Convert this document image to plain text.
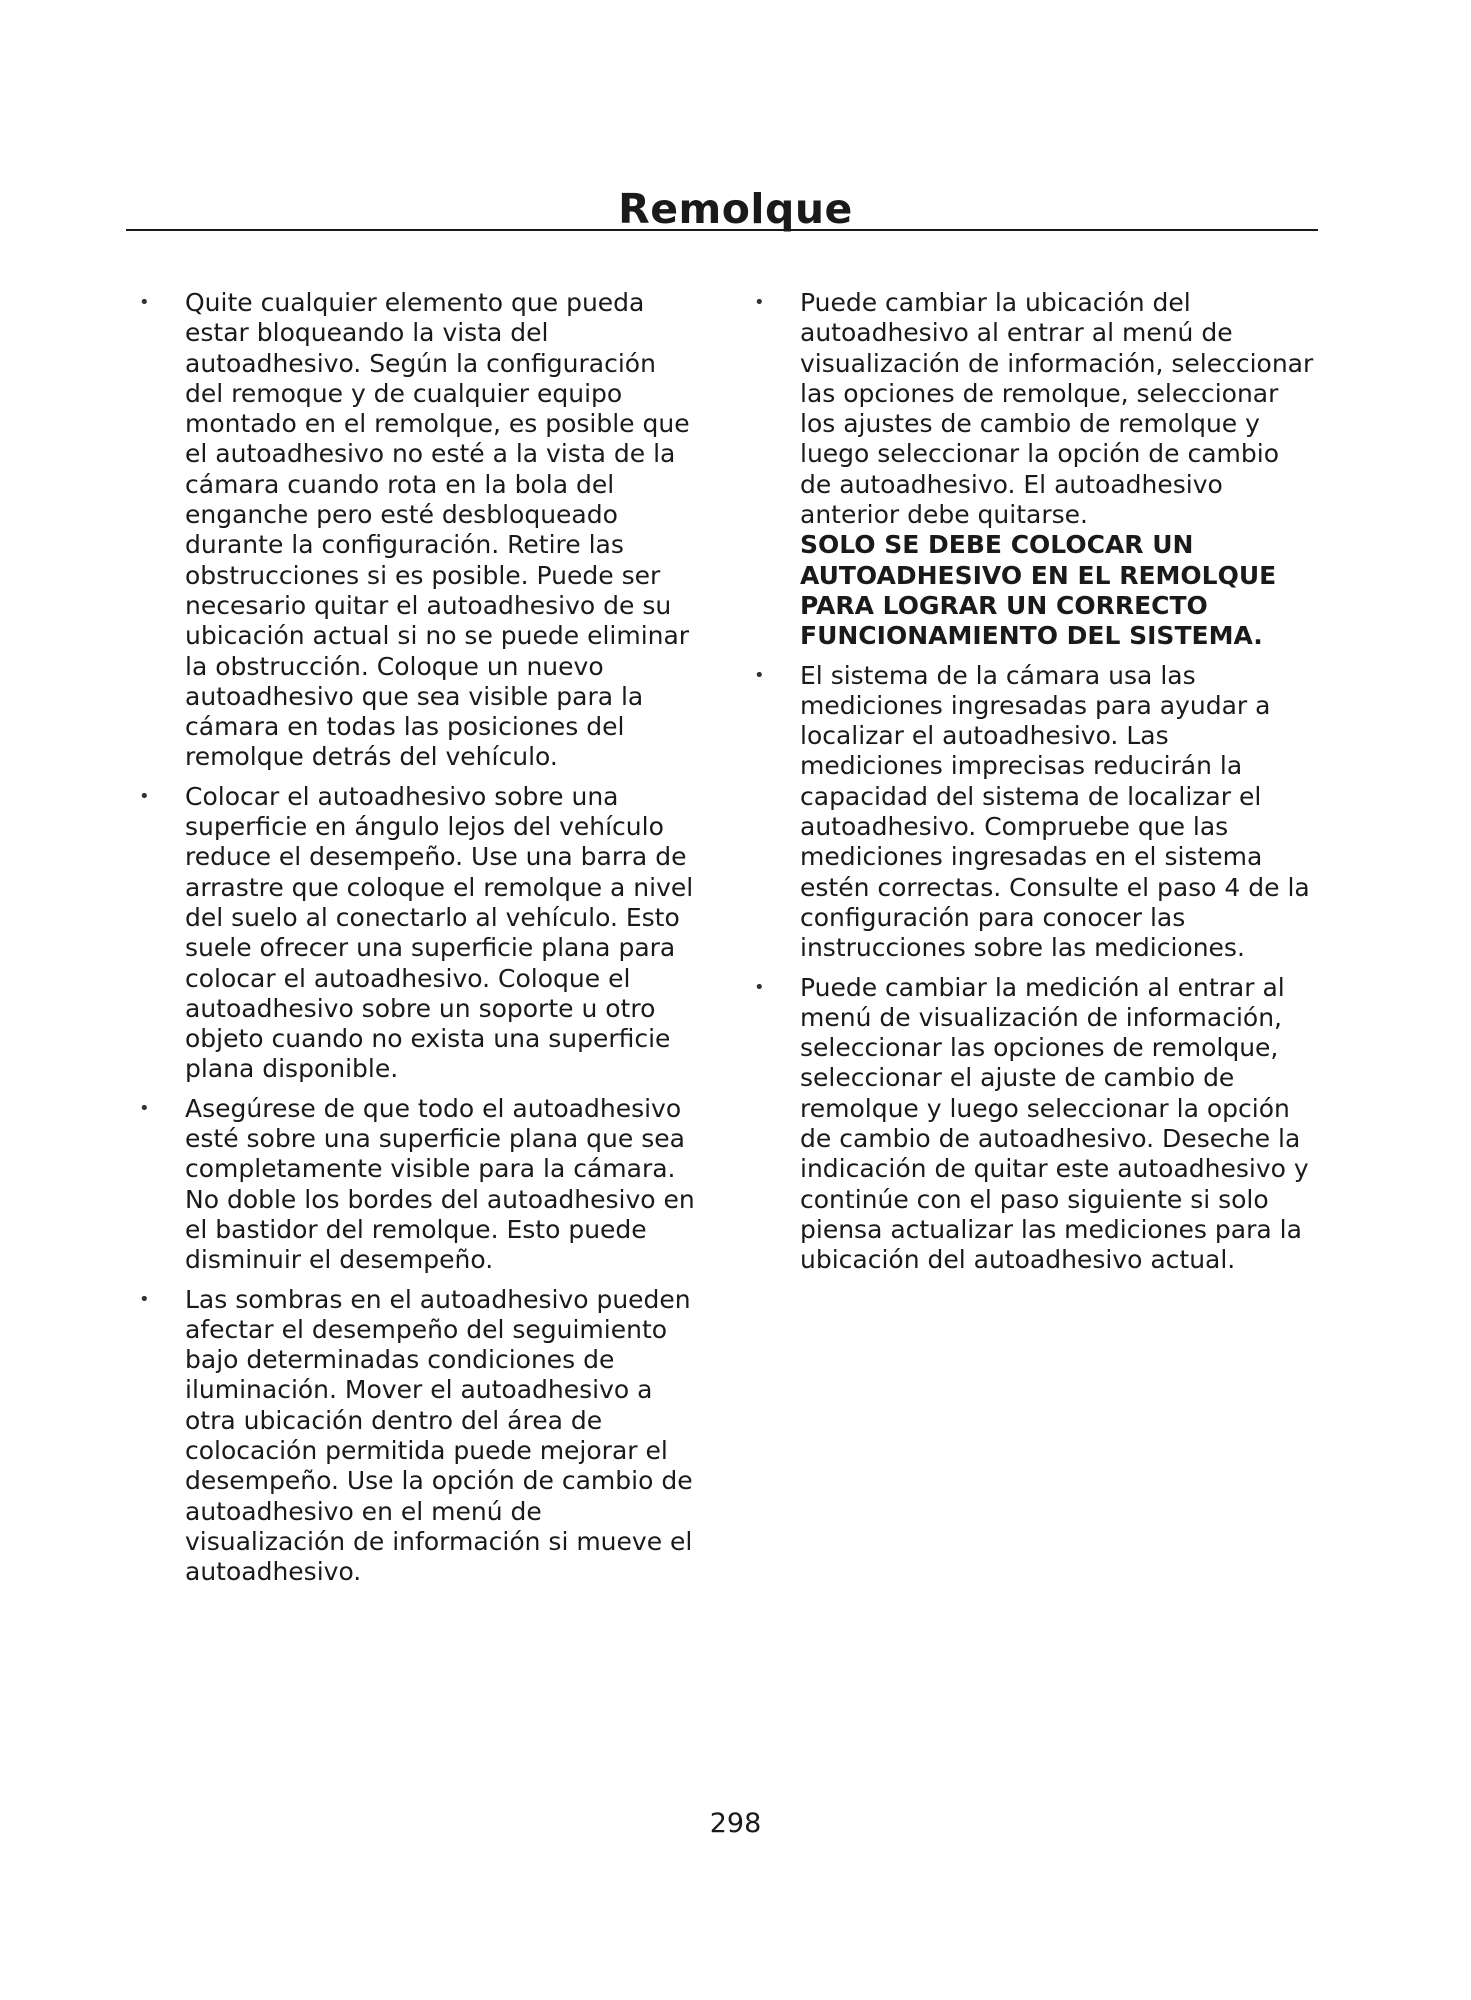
Remolque
• Quite cualquier elemento que pueda estar bloqueando la vista del autoadhesivo. Según la configuración del remoque y de cualquier equipo montado en el remolque, es posible que el autoadhesivo no esté a la vista de la cámara cuando rota en la bola del enganche pero esté desbloqueado durante la configuración. Retire las obstrucciones si es posible. Puede ser necesario quitar el autoadhesivo de su ubicación actual si no se puede eliminar la obstrucción. Coloque un nuevo autoadhesivo que sea visible para la cámara en todas las posiciones del remolque detrás del vehículo.
• Colocar el autoadhesivo sobre una superficie en ángulo lejos del vehículo reduce el desempeño. Use una barra de arrastre que coloque el remolque a nivel del suelo al conectarlo al vehículo. Esto suele ofrecer una superficie plana para colocar el autoadhesivo. Coloque el autoadhesivo sobre un soporte u otro objeto cuando no exista una superficie plana disponible.
• Asegúrese de que todo el autoadhesivo esté sobre una superficie plana que sea completamente visible para la cámara. No doble los bordes del autoadhesivo en el bastidor del remolque. Esto puede disminuir el desempeño.
• Las sombras en el autoadhesivo pueden afectar el desempeño del seguimiento bajo determinadas condiciones de iluminación. Mover el autoadhesivo a otra ubicación dentro del área de colocación permitida puede mejorar el desempeño. Use la opción de cambio de autoadhesivo en el menú de visualización de información si mueve el autoadhesivo.
• Puede cambiar la ubicación del autoadhesivo al entrar al menú de visualización de información, seleccionar las opciones de remolque, seleccionar los ajustes de cambio de remolque y luego seleccionar la opción de cambio de autoadhesivo. El autoadhesivo anterior debe quitarse.
SOLO SE DEBE COLOCAR UN AUTOADHESIVO EN EL REMOLQUE PARA LOGRAR UN CORRECTO FUNCIONAMIENTO DEL SISTEMA.
• El sistema de la cámara usa las mediciones ingresadas para ayudar a localizar el autoadhesivo. Las mediciones imprecisas reducirán la capacidad del sistema de localizar el autoadhesivo. Compruebe que las mediciones ingresadas en el sistema estén correctas. Consulte el paso 4 de la configuración para conocer las instrucciones sobre las mediciones.
• Puede cambiar la medición al entrar al menú de visualización de información, seleccionar las opciones de remolque, seleccionar el ajuste de cambio de remolque y luego seleccionar la opción de cambio de autoadhesivo. Deseche la indicación de quitar este autoadhesivo y continúe con el paso siguiente si solo piensa actualizar las mediciones para la ubicación del autoadhesivo actual.
298
